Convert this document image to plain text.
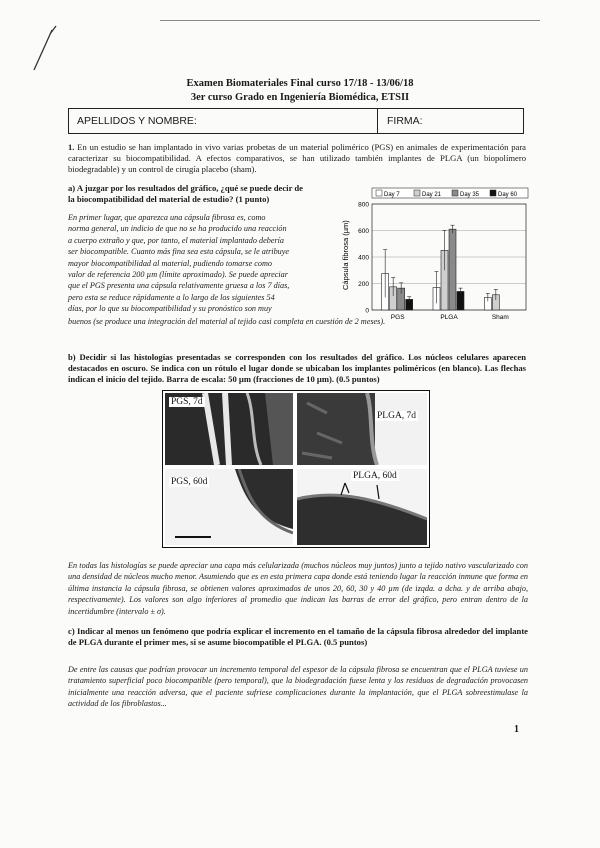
Examen Biomateriales Final curso 17/18 - 13/06/18
3er curso Grado en Ingeniería Biomédica, ETSII
APELLIDOS Y NOMBRE:	FIRMA:
1. En un estudio se han implantado in vivo varias probetas de un material polimérico (PGS) en animales de experimentación para caracterizar su biocompatibilidad. A efectos comparativos, se han utilizado también implantes de PLGA (un biopolímero biodegradable) y un control de cirugía placebo (sham).
a) A juzgar por los resultados del gráfico, ¿qué se puede decir de
la biocompatibilidad del material de estudio? (1 punto)
En primer lugar, que aparezca una cápsula fibrosa es, como
norma general, un indicio de que no se ha producido una reacción
a cuerpo extraño y que, por tanto, el material implantado debería
ser biocompatible. Cuanto más fina sea esta cápsula, se le atribuye
mayor biocompatibilidad al material, pudiendo tomarse como
valor de referencia 200 µm (límite aproximado). Se puede apreciar
que el PGS presenta una cápsula relativamente gruesa a los 7 días,
pero esta se reduce rápidamente a lo largo de los siguientes 54
días, por lo que su biocompatibilidad y su pronóstico son muy
buenos (se produce una integración del material al tejido casi completa en cuestión de 2 meses).
Day 7	Day 21	Day 35	Day 60
Cápsula fibrosa (µm)
0
200
400
600
800
PGS	PLGA	Sham
b) Decidir si las histologías presentadas se corresponden con los resultados del gráfico. Los núcleos celulares aparecen destacados en oscuro. Se indica con un rótulo el lugar donde se ubicaban los implantes poliméricos (en blanco). Las flechas indican el inicio del tejido. Barra de escala: 50 µm (fracciones de 10 µm). (0.5 puntos)
PGS, 7d
PLGA, 7d
PGS, 60d
PLGA, 60d
En todas las histologías se puede apreciar una capa más celularizada (muchos núcleos muy juntos) junto a tejido nativo vascularizado con una densidad de núcleos mucho menor. Asumiendo que es en esta primera capa donde está teniendo lugar la reacción inmune que forma en última instancia la cápsula fibrosa, se obtienen valores aproximados de unos 20, 60, 30 y 40 µm (de izqda. a dcha. y de arriba abajo, respectivamente). Los valores son algo inferiores al promedio que indican las barras de error del gráfico, pero entran dentro de la incertidumbre (intervalo ± σ).
c) Indicar al menos un fenómeno que podría explicar el incremento en el tamaño de la cápsula fibrosa alrededor del implante de PLGA durante el primer mes, si se asume biocompatible el PLGA. (0.5 puntos)
De entre las causas que podrían provocar un incremento temporal del espesor de la cápsula fibrosa se encuentran que el PLGA tuviese un tratamiento superficial poco biocompatible (pero temporal), que la biodegradación fuese lenta y los residuos de degradación provocasen inicialmente una reacción adversa, que el paciente sufriese complicaciones durante la implantación, que el PLGA sobreestimulase la actividad de los fibroblastos...
1
